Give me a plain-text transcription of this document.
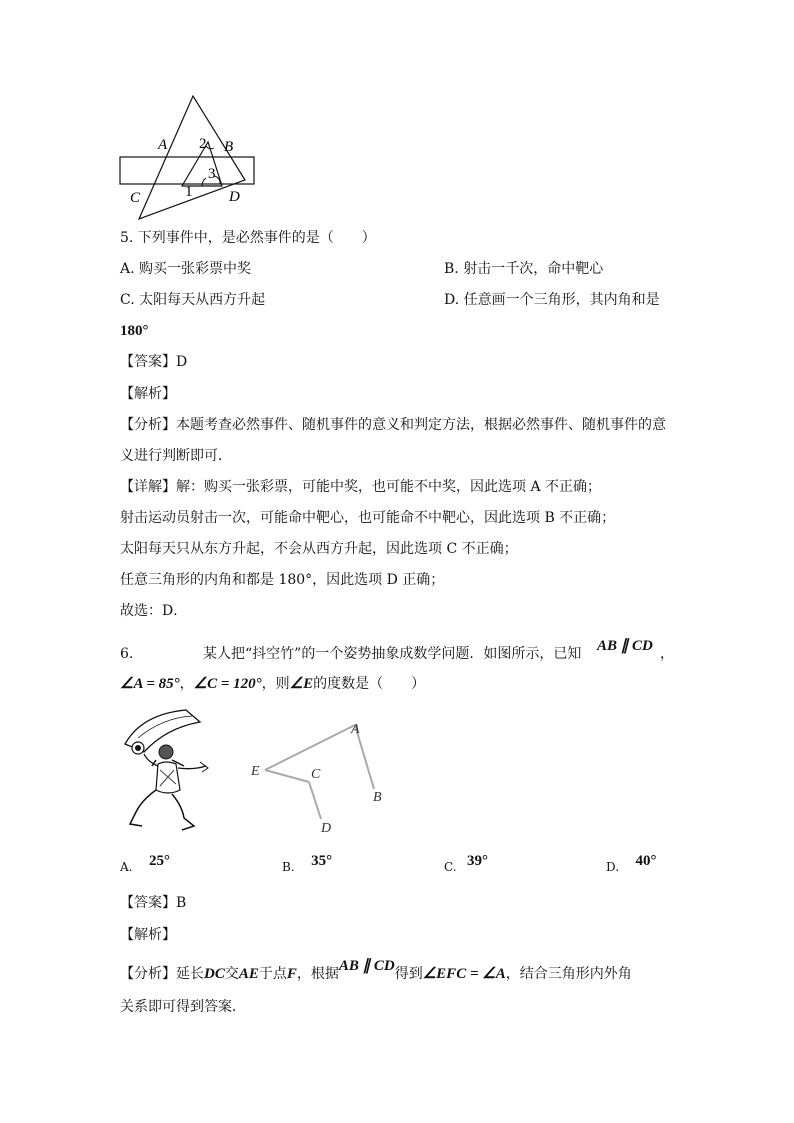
A 2 B
3
C	1 D
5. 下列事件中，是必然事件的是（　　）
A. 购买一张彩票中奖	B. 射击一千次，命中靶心
C. 太阳每天从西方升起	D. 任意画一个三角形，其内角和是
180°
【答案】D
【解析】
【分析】本题考查必然事件、随机事件的意义和判定方法，根据必然事件、随机事件的意
义进行判断即可．
【详解】解：购买一张彩票，可能中奖，也可能不中奖，因此选项 A 不正确；
射击运动员射击一次，可能命中靶心，也可能命不中靶心，因此选项 B 不正确；
太阳每天只从东方升起，不会从西方升起，因此选项 C 不正确；
任意三角形的内角和都是 180°，因此选项 D 正确；
故选：D．
6.	某人把“抖空竹”的一个姿势抽象成数学问题．如图所示，已知 AB ∥ CD ，
∠A = 85°，∠C = 120°，则∠E的度数是（　　）
A
E	C
B
D
A. 25°	B. 35°	C. 39°	D. 40°
【答案】B
【解析】
【分析】延长DC交AE于点F，根据AB ∥ CD得到∠EFC = ∠A，结合三角形内外角
关系即可得到答案．
